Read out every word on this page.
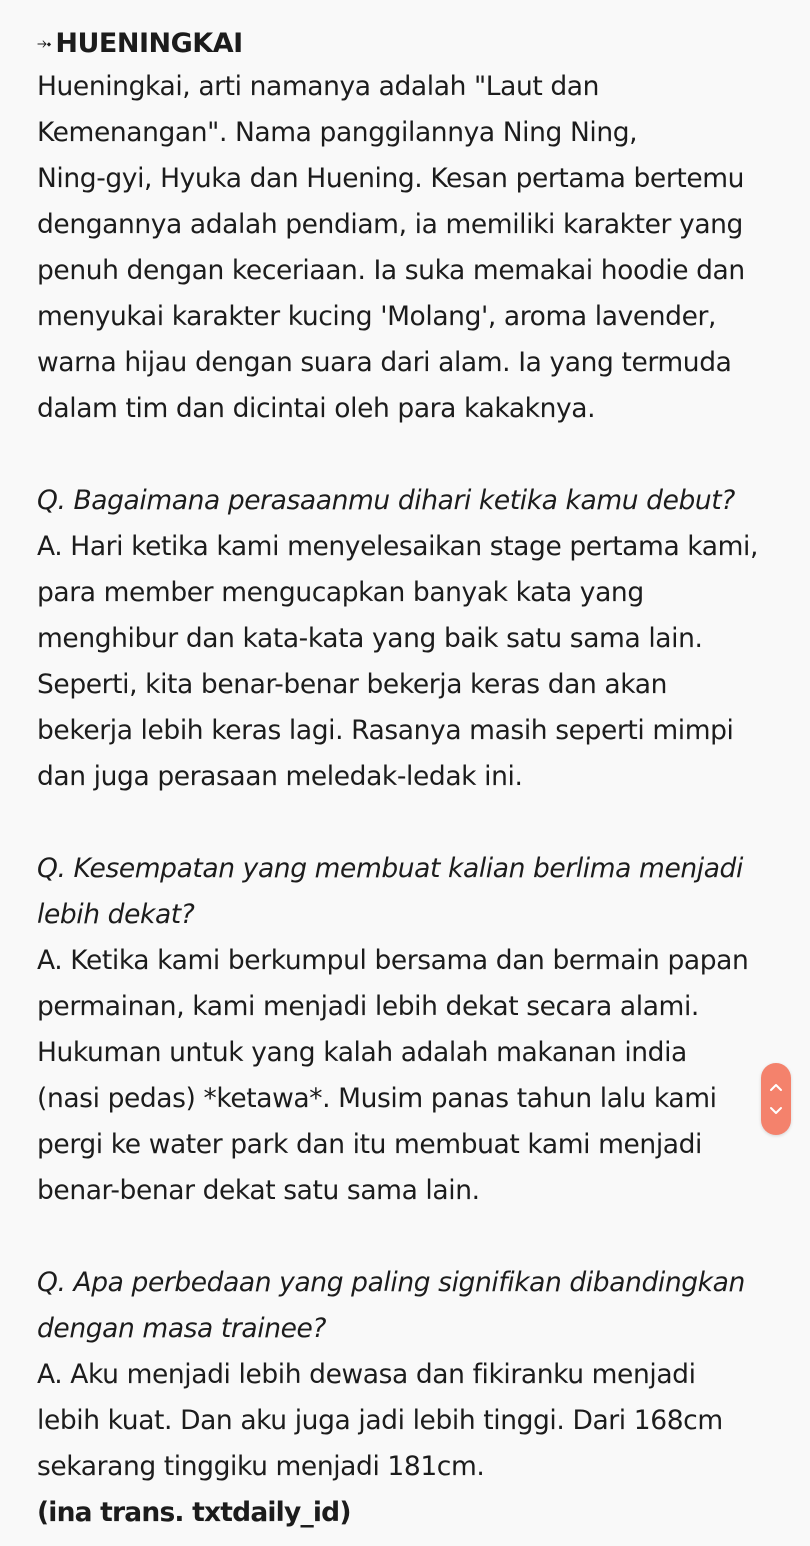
⤞ HUENINGKAI
Hueningkai, arti namanya adalah "Laut dan
Kemenangan". Nama panggilannya Ning Ning,
Ning-gyi, Hyuka dan Huening. Kesan pertama bertemu
dengannya adalah pendiam, ia memiliki karakter yang
penuh dengan keceriaan. Ia suka memakai hoodie dan
menyukai karakter kucing 'Molang', aroma lavender,
warna hijau dengan suara dari alam. Ia yang termuda
dalam tim dan dicintai oleh para kakaknya.
Q. Bagaimana perasaanmu dihari ketika kamu debut?
A. Hari ketika kami menyelesaikan stage pertama kami,
para member mengucapkan banyak kata yang
menghibur dan kata-kata yang baik satu sama lain.
Seperti, kita benar-benar bekerja keras dan akan
bekerja lebih keras lagi. Rasanya masih seperti mimpi
dan juga perasaan meledak-ledak ini.
Q. Kesempatan yang membuat kalian berlima menjadi
lebih dekat?
A. Ketika kami berkumpul bersama dan bermain papan
permainan, kami menjadi lebih dekat secara alami.
Hukuman untuk yang kalah adalah makanan india
(nasi pedas) *ketawa*. Musim panas tahun lalu kami
pergi ke water park dan itu membuat kami menjadi
benar-benar dekat satu sama lain.
Q. Apa perbedaan yang paling signifikan dibandingkan
dengan masa trainee?
A. Aku menjadi lebih dewasa dan fikiranku menjadi
lebih kuat. Dan aku juga jadi lebih tinggi. Dari 168cm
sekarang tinggiku menjadi 181cm.
(ina trans. txtdaily_id)
